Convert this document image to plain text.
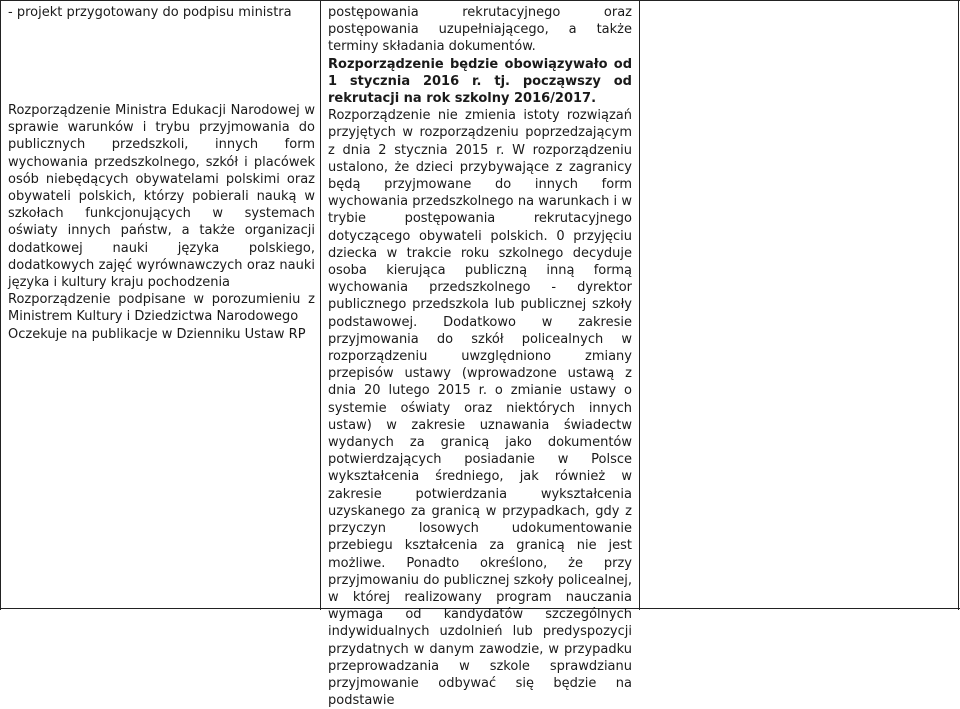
- projekt przygotowany do podpisu ministra

Rozporządzenie Ministra Edukacji Narodowej w sprawie warunków i trybu przyjmowania do publicznych przedszkoli, innych form wychowania przedszkolnego, szkół i placówek osób niebędących obywatelami polskimi oraz obywateli polskich, którzy pobierali nauką w szkołach funkcjonujących w systemach oświaty innych państw, a także organizacji dodatkowej nauki języka polskiego, dodatkowych zajęć wyrównawczych oraz nauki języka i kultury kraju pochodzenia

Rozporządzenie podpisane w porozumieniu z Ministrem Kultury i Dziedzictwa Narodowego

Oczekuje na publikacje w Dzienniku Ustaw RP

postępowania rekrutacyjnego oraz postępowania uzupełniającego, a także terminy składania dokumentów.

Rozporządzenie będzie obowiązywało od 1 stycznia 2016 r. tj. począwszy od rekrutacji na rok szkolny 2016/2017.

Rozporządzenie nie zmienia istoty rozwiązań przyjętych w rozporządzeniu poprzedzającym z dnia 2 stycznia 2015 r. W rozporządzeniu ustalono, że dzieci przybywające z zagranicy będą przyjmowane do innych form wychowania przedszkolnego na warunkach i w trybie postępowania rekrutacyjnego dotyczącego obywateli polskich. 0 przyjęciu dziecka w trakcie roku szkolnego decyduje osoba kierująca publiczną inną formą wychowania przedszkolnego - dyrektor publicznego przedszkola lub publicznej szkoły podstawowej. Dodatkowo w zakresie przyjmowania do szkół policealnych w rozporządzeniu uwzględniono zmiany przepisów ustawy (wprowadzone ustawą z dnia 20 lutego 2015 r. o zmianie ustawy o systemie oświaty oraz niektórych innych ustaw) w zakresie uznawania świadectw wydanych za granicą jako dokumentów potwierdzających posiadanie w Polsce wykształcenia średniego, jak również w zakresie potwierdzania wykształcenia uzyskanego za granicą w przypadkach, gdy z przyczyn losowych udokumentowanie przebiegu kształcenia za granicą nie jest możliwe. Ponadto określono, że przy przyjmowaniu do publicznej szkoły policealnej, w której realizowany program nauczania wymaga od kandydatów szczególnych indywidualnych uzdolnień lub predyspozycji przydatnych w danym zawodzie, w przypadku przeprowadzania w szkole sprawdzianu przyjmowanie odbywać się będzie na podstawie
